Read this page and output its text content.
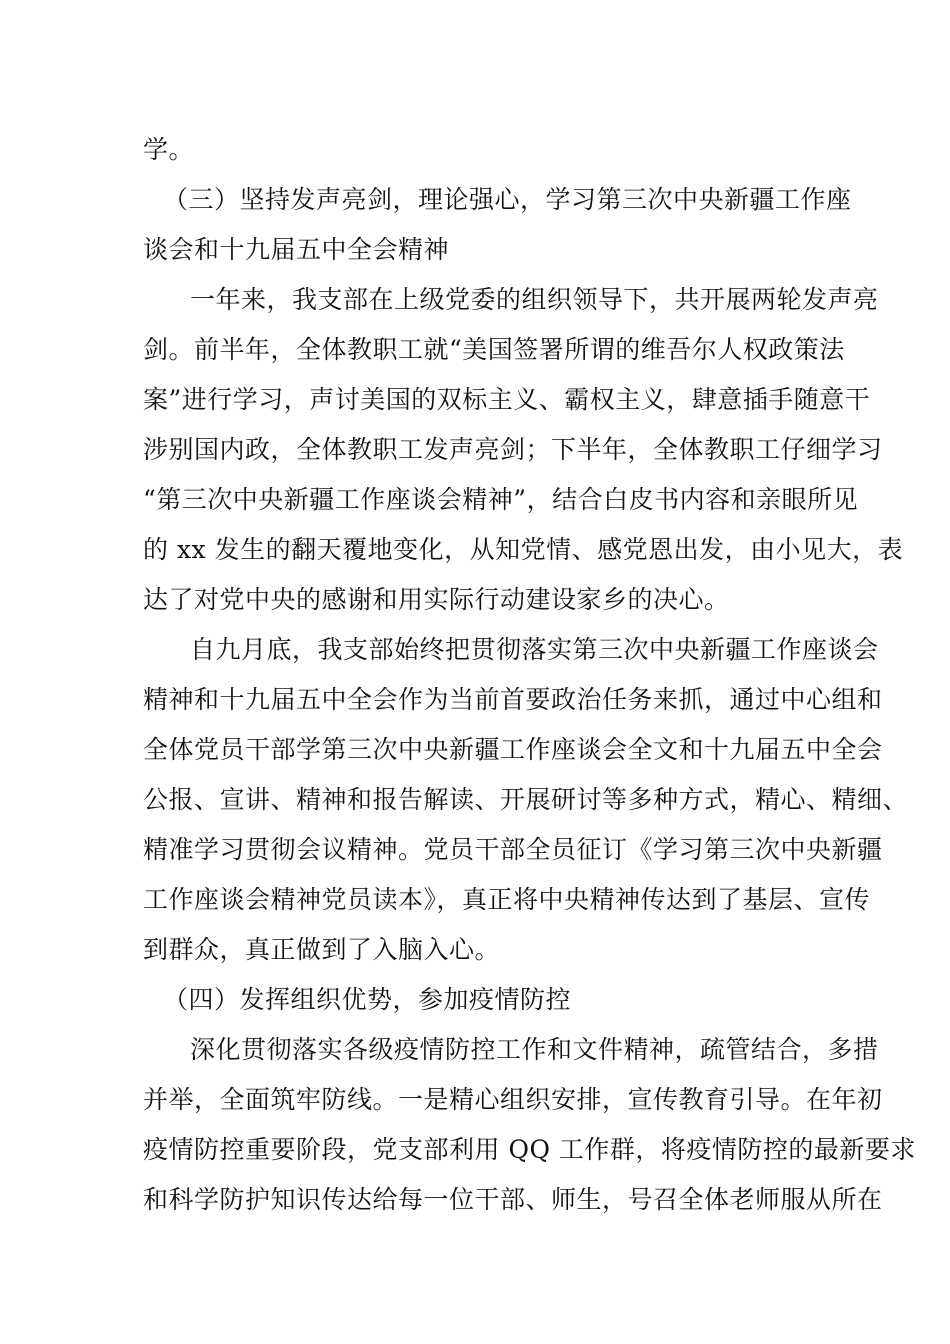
学。
（三）坚持发声亮剑，理论强心，学习第三次中央新疆工作座
谈会和十九届五中全会精神
一年来，我支部在上级党委的组织领导下，共开展两轮发声亮
剑。前半年，全体教职工就“美国签署所谓的维吾尔人权政策法
案”进行学习，声讨美国的双标主义、霸权主义，肆意插手随意干
涉别国内政，全体教职工发声亮剑；下半年，全体教职工仔细学习
“第三次中央新疆工作座谈会精神”，结合白皮书内容和亲眼所见
的 xx 发生的翻天覆地变化，从知党情、感党恩出发，由小见大，表
达了对党中央的感谢和用实际行动建设家乡的决心。
自九月底，我支部始终把贯彻落实第三次中央新疆工作座谈会
精神和十九届五中全会作为当前首要政治任务来抓，通过中心组和
全体党员干部学第三次中央新疆工作座谈会全文和十九届五中全会
公报、宣讲、精神和报告解读、开展研讨等多种方式，精心、精细、
精准学习贯彻会议精神。党员干部全员征订《学习第三次中央新疆
工作座谈会精神党员读本》，真正将中央精神传达到了基层、宣传
到群众，真正做到了入脑入心。
（四）发挥组织优势，参加疫情防控
深化贯彻落实各级疫情防控工作和文件精神，疏管结合，多措
并举，全面筑牢防线。一是精心组织安排，宣传教育引导。在年初
疫情防控重要阶段，党支部利用 QQ 工作群，将疫情防控的最新要求
和科学防护知识传达给每一位干部、师生，号召全体老师服从所在
